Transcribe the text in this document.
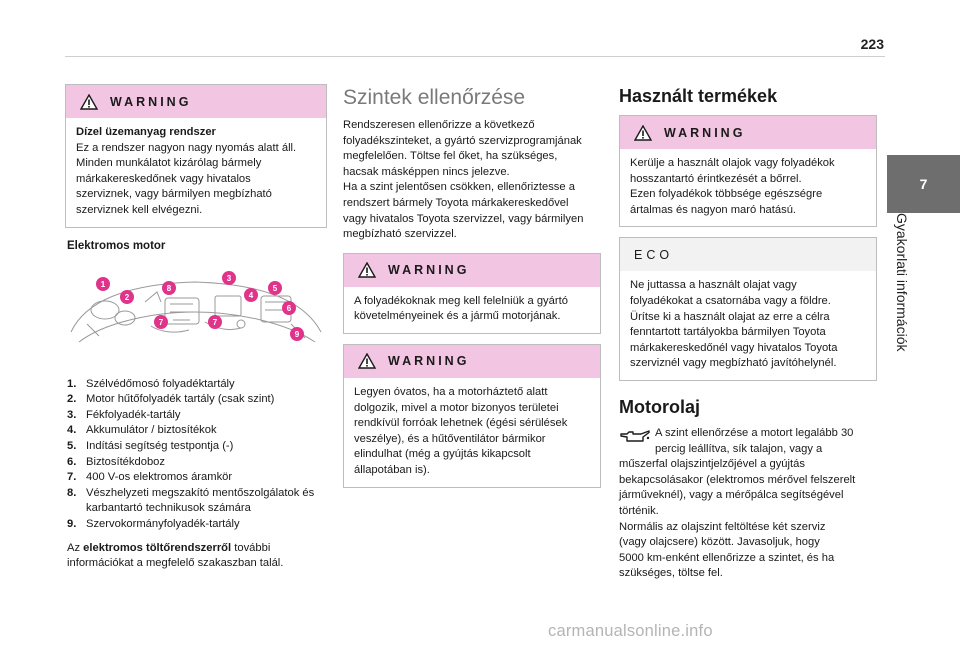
223
7
Gyakorlati információk
WARNING
Dízel üzemanyag rendszer
Ez a rendszer nagyon nagy nyomás alatt áll.
Minden munkálatot kizárólag bármely
márkakereskedőnek vagy hivatalos
szerviznek, vagy bármilyen megbízható
szerviznek kell elvégezni.
Elektromos motor
1
2
3
4
5
6
7	7
8
9
1. Szélvédőmosó folyadéktartály
2. Motor hűtőfolyadék tartály (csak szint)
3. Fékfolyadék-tartály
4. Akkumulátor / biztosítékok
5. Indítási segítség testpontja (-)
6. Biztosítékdoboz
7. 400 V-os elektromos áramkör
8. Vészhelyzeti megszakító mentőszolgálatok és karbantartó technikusok számára
9. Szervokormányfolyadék-tartály

Az elektromos töltőrendszerről további
információkat a megfelelő szakaszban talál.

Szintek ellenőrzése
Rendszeresen ellenőrizze a következő
folyadékszinteket, a gyártó szervizprogramjának
megfelelően. Töltse fel őket, ha szükséges,
hacsak másképpen nincs jelezve.
Ha a szint jelentősen csökken, ellenőriztesse a
rendszert bármely Toyota márkakereskedővel
vagy hivatalos Toyota szervizzel, vagy bármilyen
megbízható szervizzel.
WARNING
A folyadékoknak meg kell felelniük a gyártó
követelményeinek és a jármű motorjának.
WARNING
Legyen óvatos, ha a motorháztető alatt
dolgozik, mivel a motor bizonyos területei
rendkívül forróak lehetnek (égési sérülések
veszélye), és a hűtőventilátor bármikor
elindulhat (még a gyújtás kikapcsolt
állapotában is).
Használt termékek
WARNING
Kerülje a használt olajok vagy folyadékok
hosszantartó érintkezését a bőrrel.
Ezen folyadékok többsége egészségre
ártalmas és nagyon maró hatású.
ECO
Ne juttassa a használt olajat vagy
folyadékokat a csatornába vagy a földre.
Ürítse ki a használt olajat az erre a célra
fenntartott tartályokba bármilyen Toyota
márkakereskedőnél vagy hivatalos Toyota
szerviznél vagy megbízható javítóhelynél.
Motorolaj
A szint ellenőrzése a motort legalább 30
percig leállítva, sík talajon, vagy a
műszerfal olajszintjelzőjével a gyújtás
bekapcsolásakor (elektromos mérővel felszerelt
járműveknél), vagy a mérőpálca segítségével
történik.
Normális az olajszint feltöltése két szerviz
(vagy olajcsere) között. Javasoljuk, hogy
5000 km-enként ellenőrizze a szintet, és ha
szükséges, töltse fel.
carmanualsonline.info
